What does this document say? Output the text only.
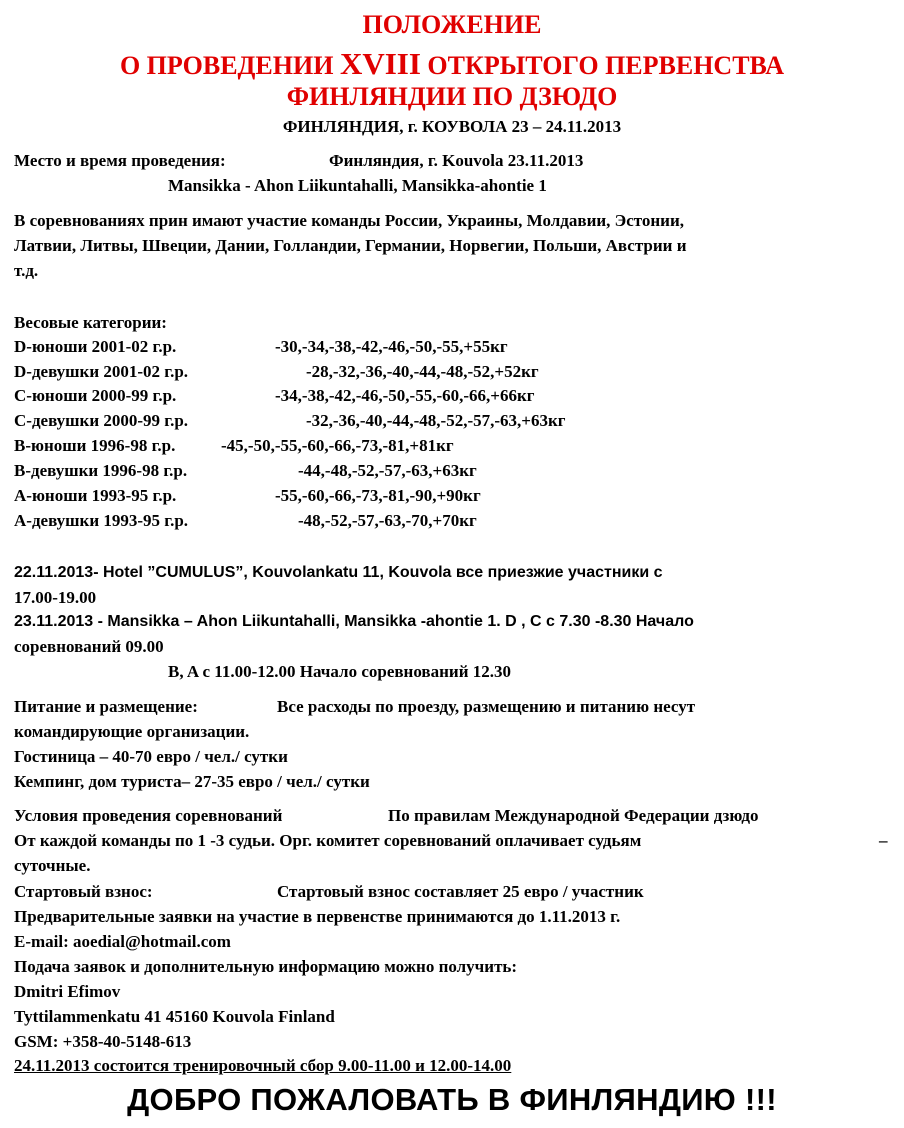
ПОЛОЖЕНИЕ
О ПРОВЕДЕНИИ XVIII ОТКРЫТОГО ПЕРВЕНСТВА
ФИНЛЯНДИИ ПО ДЗЮДО
ФИНЛЯНДИЯ, г. КОУВОЛА 23 – 24.11.2013
Место и время проведения:	Финляндия, г. Kouvola 23.11.2013
Mansikka - Ahon Liikuntahalli, Mansikka-ahontie 1
В соревнованиях прин имают участие команды России, Украины, Молдавии, Эстонии,
Латвии, Литвы, Швеции, Дании, Голландии, Германии, Норвегии, Польши, Австрии и
т.д.
Весовые категории:
D-юноши 2001-02 г.р.	-30,-34,-38,-42,-46,-50,-55,+55кг
D-девушки 2001-02 г.р.	-28,-32,-36,-40,-44,-48,-52,+52кг
C-юноши 2000-99 г.р.	-34,-38,-42,-46,-50,-55,-60,-66,+66кг
C-девушки 2000-99 г.р.	-32,-36,-40,-44,-48,-52,-57,-63,+63кг
B-юноши 1996-98 г.р.	-45,-50,-55,-60,-66,-73,-81,+81кг
B-девушки 1996-98 г.р.	-44,-48,-52,-57,-63,+63кг
A-юноши 1993-95 г.р.	-55,-60,-66,-73,-81,-90,+90кг
A-девушки 1993-95 г.р.	-48,-52,-57,-63,-70,+70кг
22.11.2013- Hotel ”CUMULUS”, Kouvolankatu 11, Kouvola все приезжие участники с
17.00-19.00
23.11.2013 - Mansikka – Ahon Liikuntahalli, Mansikka -ahontie 1. D , C с 7.30 -8.30 Начало
соревнований 09.00
B, A с 11.00-12.00 Начало соревнований 12.30
Питание и размещение:	Все расходы по проезду, размещению и питанию несут
командирующие организации.
Гостиница – 40-70 евро / чел./ сутки
Кемпинг, дом туриста– 27-35 евро / чел./ сутки
Условия проведения соревнований	По правилам Международной Федерации дзюдо
От каждой команды по 1 -3 судьи. Орг. комитет соревнований оплачивает судьям	–
суточные.
Стартовый взнос:	Стартовый взнос составляет 25 евро / участник
Предварительные заявки на участие в первенстве принимаются до 1.11.2013 г.
E-mail: aoedial@hotmail.com
Подача заявок и дополнительную информацию можно получить:
Dmitri Efimov
Tyttilammenkatu 41 45160 Kouvola Finland
GSM: +358-40-5148-613
24.11.2013 состоится тренировочный сбор 9.00-11.00 и 12.00-14.00
ДОБРО ПОЖАЛОВАТЬ В ФИНЛЯНДИЮ !!!
